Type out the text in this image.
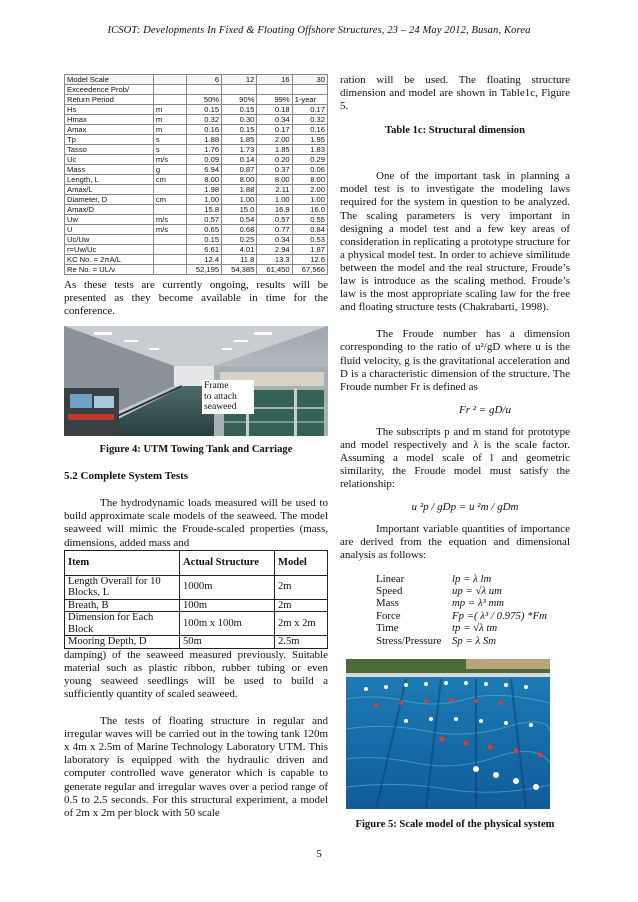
ICSOT: Developments In Fixed & Floating Offshore Structures, 23 – 24 May 2012, Busan, Korea
Model Scale		6	12	16	30
Exceedence Prob/					
Return Period		50%	90%	99%	1-year
Hs	m	0.15	0.15	0.18	0.17
Hmax	m	0.32	0.30	0.34	0.32
Amax	m	0.16	0.15	0.17	0.16
Tp	s	1.88	1.85	2.00	1.95
Tasso	s	1.76	1.73	1.85	1.83
Uc	m/s	0.09	0.14	0.20	0.29
Mass	g	6.94	0.87	0.37	0.06
Length, L	cm	8.00	8.00	8.00	8.00
Amax/L		1.98	1.88	2.11	2.00
Diameter, D	cm	1.00	1.00	1.00	1.00
Amax/D		15.8	15.0	16.9	16.0
Uw	m/s	0.57	0.54	0.57	0.55
U	m/s	0.65	0.68	0.77	0.84
Uc/Uw		0.15	0.25	0.34	0.53
r=Uw/Uc		6.61	4.01	2.94	1.87
KC No. = 2πA/L		12.4	11.8	13.3	12.6
Re No. = UL/ν		52,195	54,385	61,450	67,566

As these tests are currently ongoing, results will be presented as they become available in time for the conference.

Frame
to attach
seaweed
Figure 4: UTM Towing Tank and Carriage
5.2 Complete System Tests

The hydrodynamic loads measured will be used to build approximate scale models of the seaweed. The model seaweed will mimic the Froude-scaled properties (mass, dimensions, added mass and

Item	Actual Structure	Model
Length Overall for 10 Blocks, L	1000m	2m
Breath, B	100m	2m
Dimension for Each Block	100m x 100m	2m x 2m
Mooring Depth, D	50m	2.5m

damping) of the seaweed measured previously. Suitable material such as plastic ribbon, rubber tubing or even young seaweed seedlings will be used to build a sufficiently quantity of scaled seaweed.

The tests of floating structure in regular and irregular waves will be carried out in the towing tank 120m x 4m x 2.5m of Marine Technology Laboratory UTM. This laboratory is equipped with the hydraulic driven and computer controlled wave generator which is capable to generate regular and irregular waves over a period range of 0.5 to 2.5 seconds. For this structural experiment, a model of 2m x 2m per block with 50 scale

ration will be used. The floating structure dimension and model are shown in Table1c, Figure 5.

Table 1c: Structural dimension

One of the important task in planning a model test is to investigate the modeling laws required for the system in question to be analyzed. The scaling parameters is very important in designing a model test and a few key areas of consideration in replicating a prototype structure for a physical model test. In order to achieve similitude between the model and the real structure, Froude’s law is introduce as the scaling method. Froude’s law is the most appropriate scaling law for the free and floating structure tests (Chakrabarti, 1998).

The Froude number has a dimension corresponding to the ratio of u²/gD where u is the fluid velocity, g is the gravitational acceleration and D is a characteristic dimension of the structure. The Froude number Fr is defined as

Fr ² = gD/u

The subscripts p and m stand for prototype and model respectively and λ is the scale factor. Assuming a model scale of l and geometric similarity, the Froude model must satisfy the relationship:

u ²p / gDp = u ²m / gDm

Important variable quantities of importance are derived from the equation and dimensional analysis as follows:

Linear	lp = λ lm
Speed	up = √λ um
Mass	mp = λ³ mm
Force	Fp =( λ³ / 0.975) *Fm
Time	tp = √λ tm
Stress/Pressure Sp = λ Sm
Figure 5: Scale model of the physical system
5
